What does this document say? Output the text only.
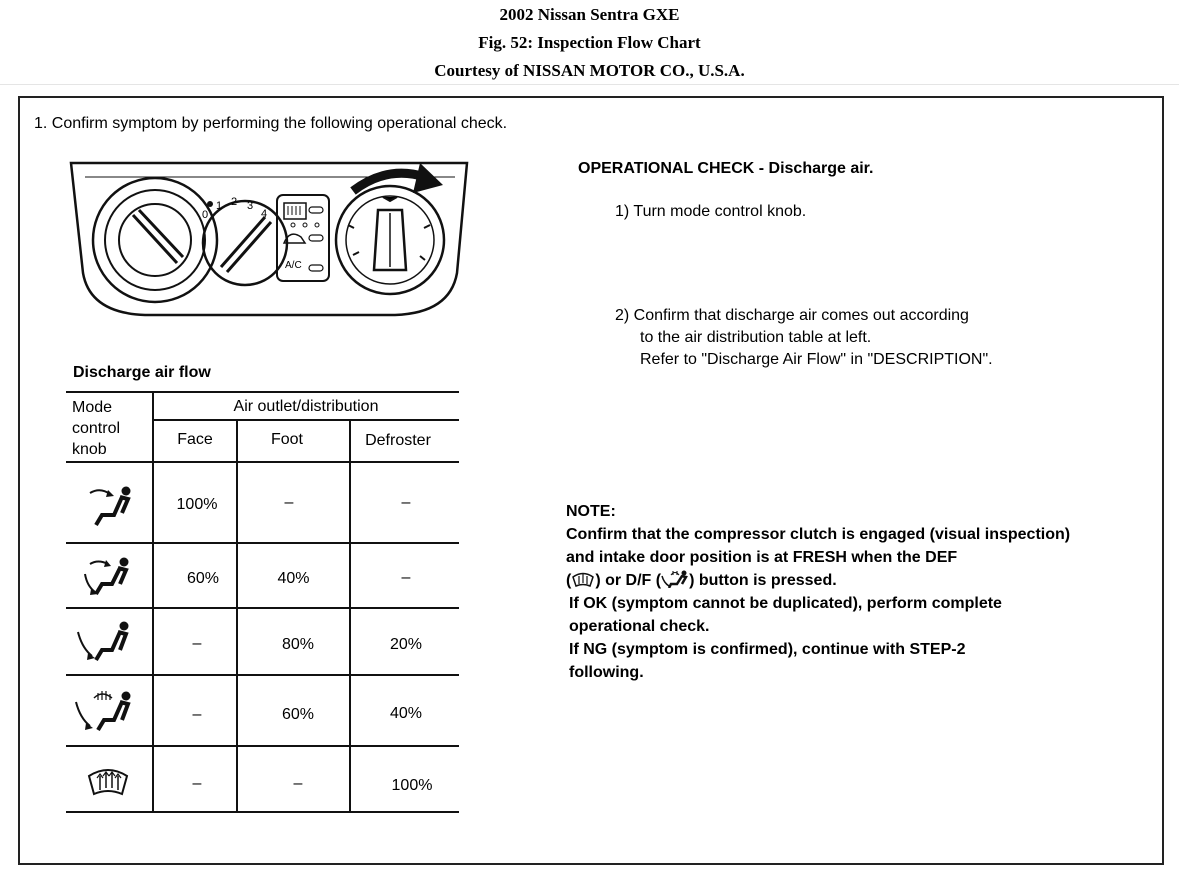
2002 Nissan Sentra GXE
Fig. 52: Inspection Flow Chart
Courtesy of NISSAN MOTOR CO., U.S.A.
1. Confirm symptom by performing the following operational check.
0
1 2 3
4
A/C
OPERATIONAL CHECK - Discharge air.
1) Turn mode control knob.
2) Confirm that discharge air comes out according
to the air distribution table at left.
Refer to "Discharge Air Flow" in "DESCRIPTION".
Discharge air flow
Mode
control
knob
Air outlet/distribution
Face	Foot	Defroster
100%	–	–
60%	40%	–
–	80%	20%
–	60%	40%
–	–	100%
NOTE:
Confirm that the compressor clutch is engaged (visual inspection)
and intake door position is at FRESH when the DEF
( ) or D/F ( ) button is pressed.
If OK (symptom cannot be duplicated), perform complete
operational check.
If NG (symptom is confirmed), continue with STEP-2
following.
